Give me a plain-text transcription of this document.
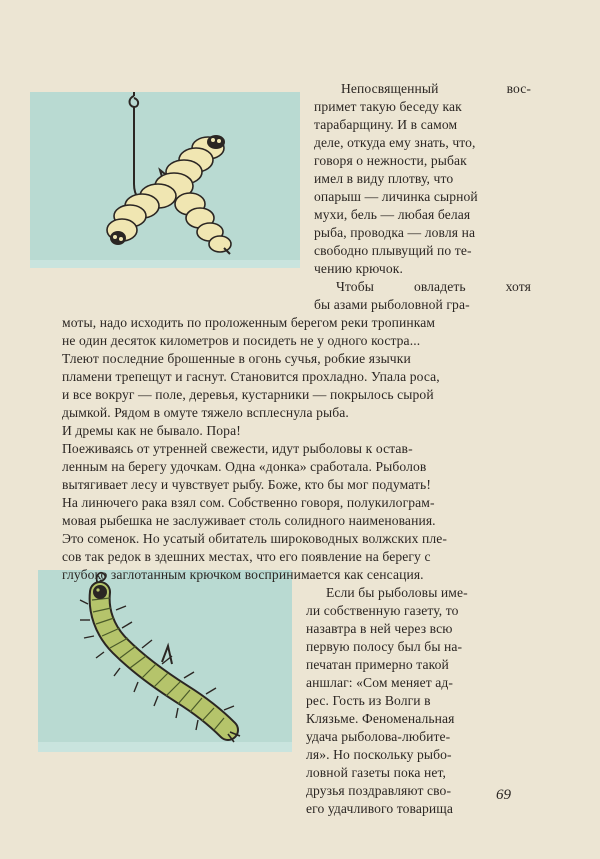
Непосвященный вос-
примет такую беседу как
тарабарщину. И в самом
деле, откуда ему знать, что,
говоря о нежности, рыбак
имел в виду плотву, что
опарыш — личинка сырной
мухи, бель — любая белая
рыба, проводка — ловля на
свободно плывущий по те-
чению крючок.
Чтобы овладеть хотя
бы азами рыболовной гра-
моты, надо исходить по проложенным берегом реки тропинкам
не один десяток километров и посидеть не у одного костра...
Тлеют последние брошенные в огонь сучья, робкие язычки
пламени трепещут и гаснут. Становится прохладно. Упала роса,
и все вокруг — поле, деревья, кустарники — покрылось сырой
дымкой. Рядом в омуте тяжело всплеснула рыба.
И дремы как не бывало. Пора!
Поеживаясь от утренней свежести, идут рыболовы к остав-
ленным на берегу удочкам. Одна «донка» сработала. Рыболов
вытягивает лесу и чувствует рыбу. Боже, кто бы мог подумать!
На линючего рака взял сом. Собственно говоря, полукилограм-
мовая рыбешка не заслуживает столь солидного наименования.
Это соменок. Но усатый обитатель широководных волжских пле-
сов так редок в здешних местах, что его появление на берегу с
глубоко заглотанным крючком воспринимается как сенсация.
Если бы рыболовы име-
ли собственную газету, то
назавтра в ней через всю
первую полосу был бы на-
печатан примерно такой
аншлаг: «Сом меняет ад-
рес. Гость из Волги в
Клязьме. Феноменальная
удача рыболова-любите-
ля». Но поскольку рыбо-
ловной газеты пока нет,
друзья поздравляют сво-
его удачливого товарища
69
